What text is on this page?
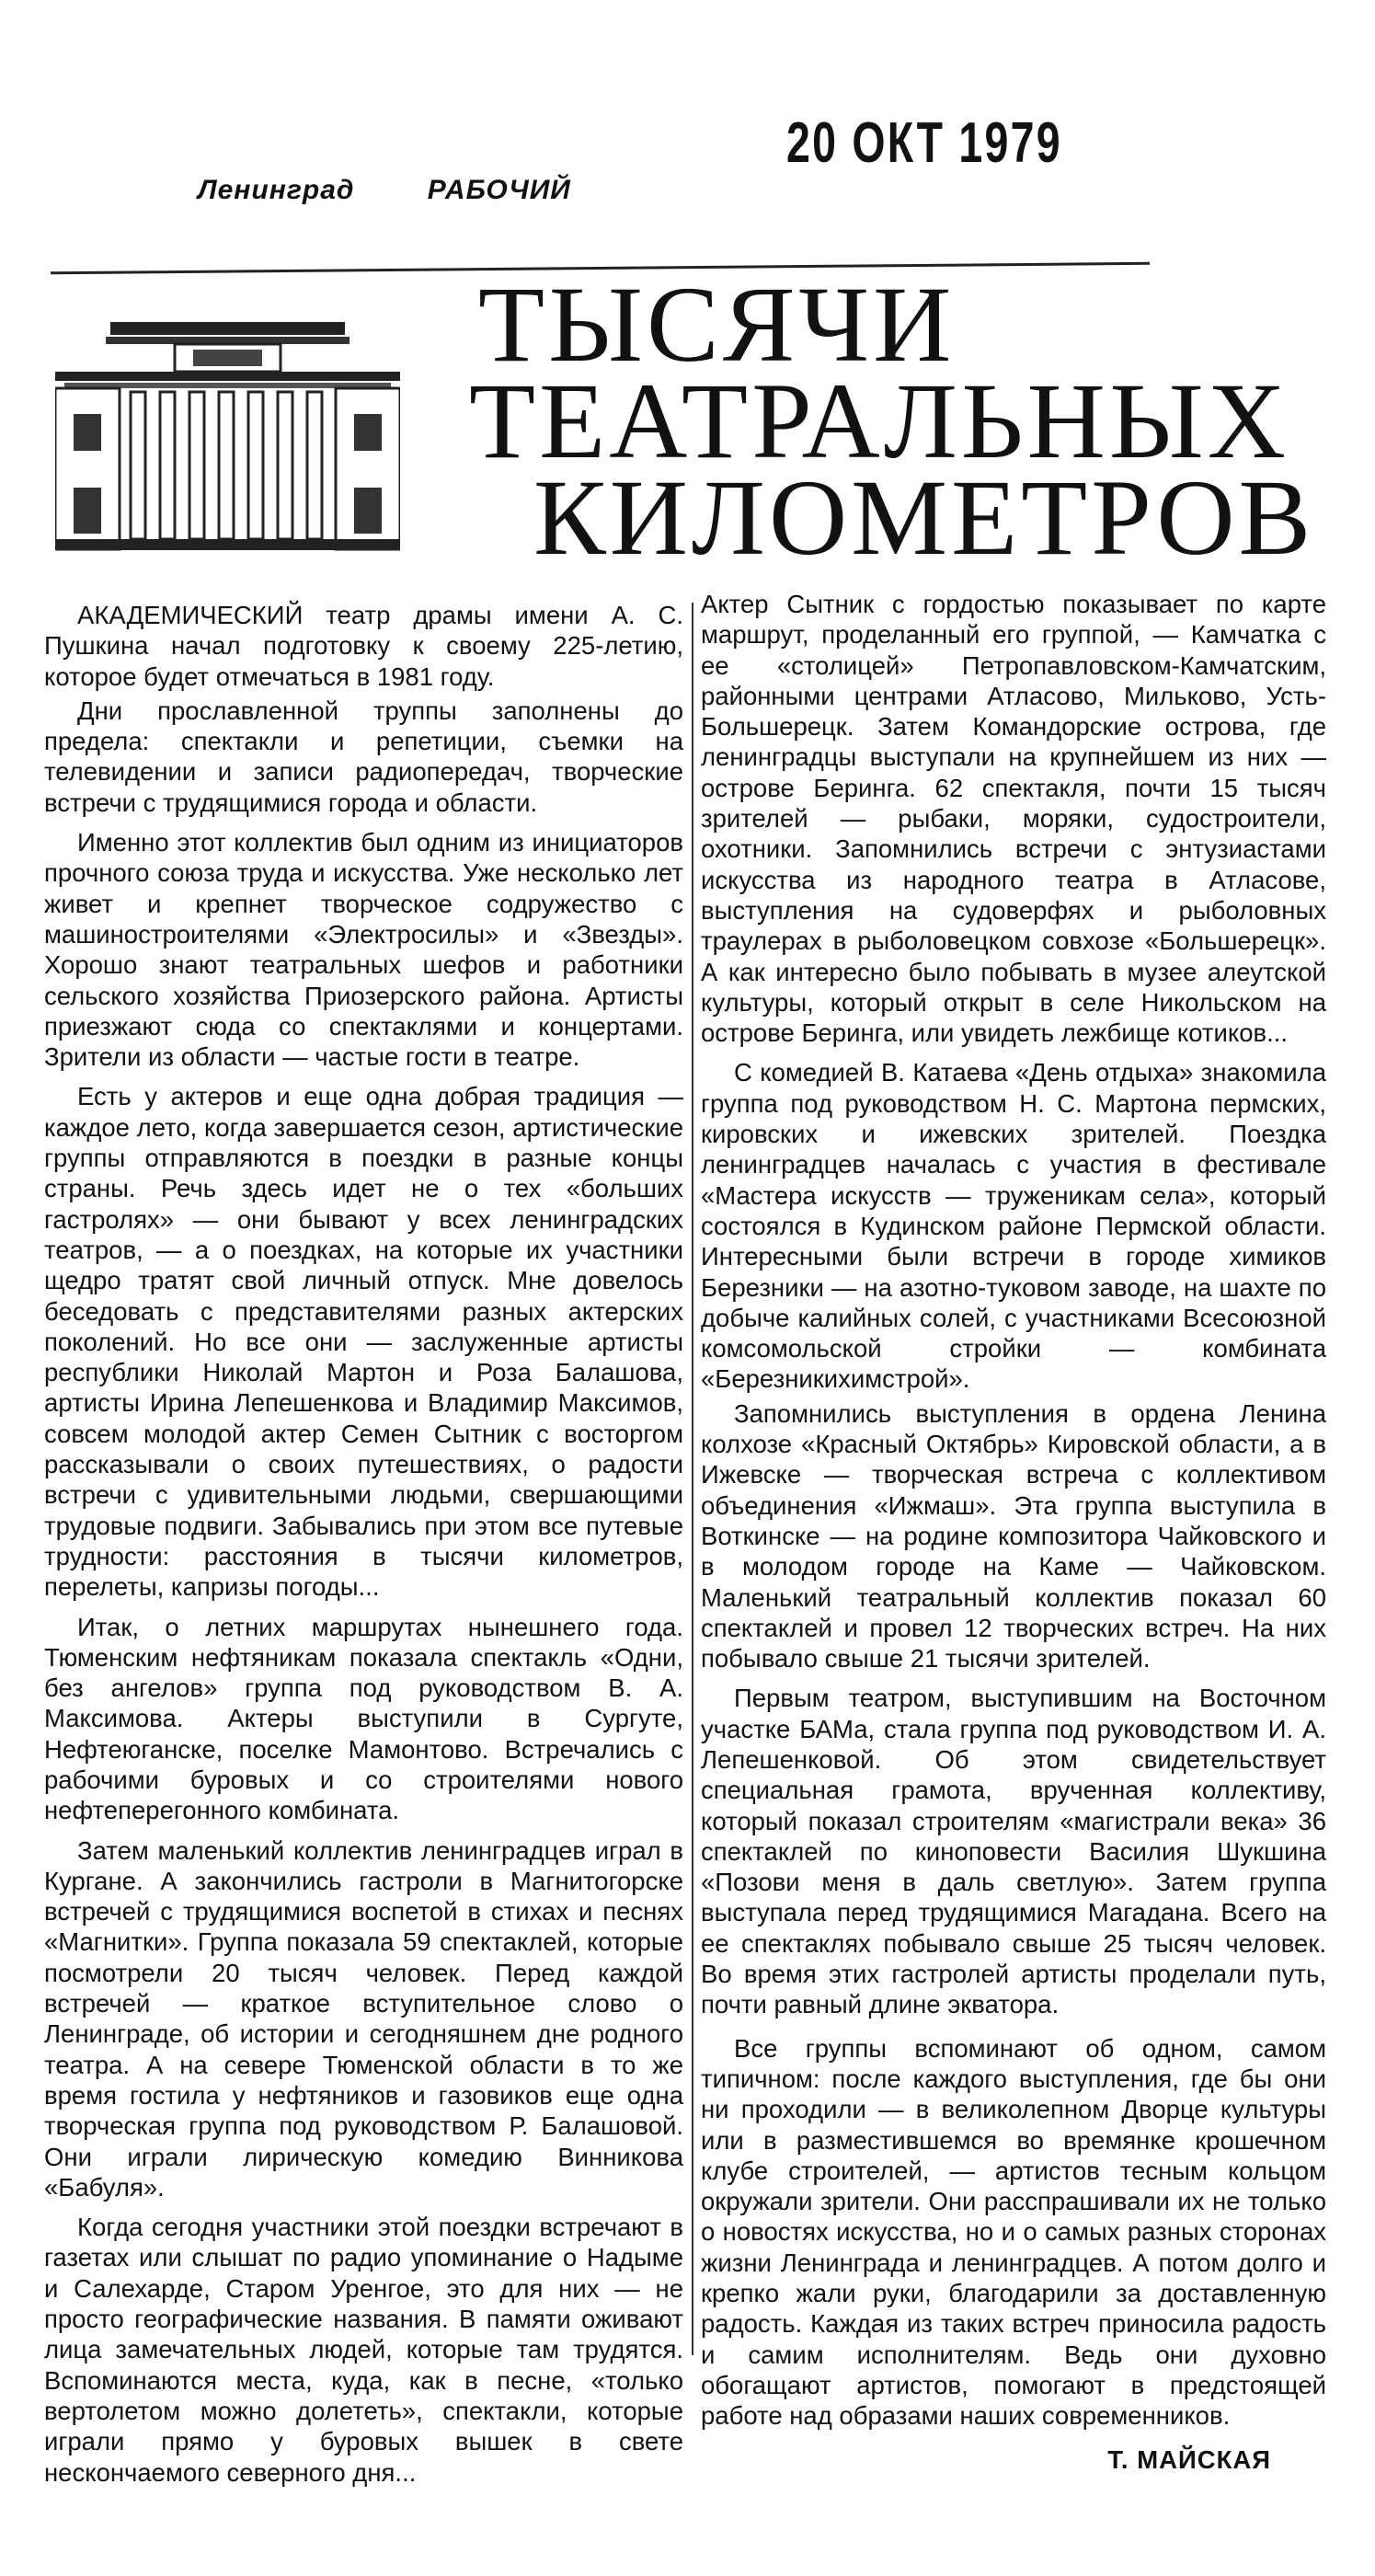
20 ОКТ 1979
Ленинград	РАБОЧИЙ
ТЫСЯЧИ
ТЕАТРАЛЬНЫХ
КИЛОМЕТРОВ

АКАДЕМИЧЕСКИЙ театр драмы имени А. С. Пушкина начал подготовку к своему 225-летию, которое будет отмечаться в 1981 году.

Дни прославленной труппы заполнены до предела: спектакли и репетиции, съемки на телевидении и записи радиопередач, творческие встречи с трудящимися города и области.

Именно этот коллектив был одним из инициаторов прочного союза труда и искусства. Уже несколько лет живет и крепнет творческое содружество с машиностроителями «Электросилы» и «Звезды». Хорошо знают театральных шефов и работники сельского хозяйства Приозерского района. Артисты приезжают сюда со спектаклями и концертами. Зрители из области — частые гости в театре.

Есть у актеров и еще одна добрая традиция — каждое лето, когда завершается сезон, артистические группы отправляются в поездки в разные концы страны. Речь здесь идет не о тех «больших гастролях» — они бывают у всех ленинградских театров, — а о поездках, на которые их участники щедро тратят свой личный отпуск. Мне довелось беседовать с представителями разных актерских поколений. Но все они — заслуженные артисты республики Николай Мартон и Роза Балашова, артисты Ирина Лепешенкова и Владимир Максимов, совсем молодой актер Семен Сытник с восторгом рассказывали о своих путешествиях, о радости встречи с удивительными людьми, свершающими трудовые подвиги. Забывались при этом все путевые трудности: расстояния в тысячи километров, перелеты, капризы погоды...

Итак, о летних маршрутах нынешнего года. Тюменским нефтяникам показала спектакль «Одни, без ангелов» группа под руководством В. А. Максимова. Актеры выступили в Сургуте, Нефтеюганске, поселке Мамонтово. Встречались с рабочими буровых и со строителями нового нефтеперегонного комбината.

Затем маленький коллектив ленинградцев играл в Кургане. А закончились гастроли в Магнитогорске встречей с трудящимися воспетой в стихах и песнях «Магнитки». Группа показала 59 спектаклей, которые посмотрели 20 тысяч человек. Перед каждой встречей — краткое вступительное слово о Ленинграде, об истории и сегодняшнем дне родного театра. А на севере Тюменской области в то же время гостила у нефтяников и газовиков еще одна творческая группа под руководством Р. Балашовой. Они играли лирическую комедию Винникова «Бабуля».

Когда сегодня участники этой поездки встречают в газетах или слышат по радио упоминание о Надыме и Салехарде, Старом Уренгое, это для них — не просто географические названия. В памяти оживают лица замечательных людей, которые там трудятся. Вспоминаются места, куда, как в песне, «только вертолетом можно долететь», спектакли, которые играли прямо у буровых вышек в свете нескончаемого северного дня...

Актер Сытник с гордостью показывает по карте маршрут, проделанный его группой, — Камчатка с ее «столицей» Петропавловском-Камчатским, районными центрами Атласово, Мильково, Усть-Большерецк. Затем Командорские острова, где ленинградцы выступали на крупнейшем из них — острове Беринга. 62 спектакля, почти 15 тысяч зрителей — рыбаки, моряки, судостроители, охотники. Запомнились встречи с энтузиастами искусства из народного театра в Атласове, выступления на судоверфях и рыболовных траулерах в рыболовецком совхозе «Большерецк». А как интересно было побывать в музее алеутской культуры, который открыт в селе Никольском на острове Беринга, или увидеть лежбище котиков...

С комедией В. Катаева «День отдыха» знакомила группа под руководством Н. С. Мартона пермских, кировских и ижевских зрителей. Поездка ленинградцев началась с участия в фестивале «Мастера искусств — труженикам села», который состоялся в Кудинском районе Пермской области. Интересными были встречи в городе химиков Березники — на азотно-туковом заводе, на шахте по добыче калийных солей, с участниками Всесоюзной комсомольской стройки — комбината «Березникихимстрой».

Запомнились выступления в ордена Ленина колхозе «Красный Октябрь» Кировской области, а в Ижевске — творческая встреча с коллективом объединения «Ижмаш». Эта группа выступила в Воткинске — на родине композитора Чайковского и в молодом городе на Каме — Чайковском. Маленький театральный коллектив показал 60 спектаклей и провел 12 творческих встреч. На них побывало свыше 21 тысячи зрителей.

Первым театром, выступившим на Восточном участке БАМа, стала группа под руководством И. А. Лепешенковой. Об этом свидетельствует специальная грамота, врученная коллективу, который показал строителям «магистрали века» 36 спектаклей по киноповести Василия Шукшина «Позови меня в даль светлую». Затем группа выступала перед трудящимися Магадана. Всего на ее спектаклях побывало свыше 25 тысяч человек. Во время этих гастролей артисты проделали путь, почти равный длине экватора.

Все группы вспоминают об одном, самом типичном: после каждого выступления, где бы они ни проходили — в великолепном Дворце культуры или в разместившемся во времянке крошечном клубе строителей, — артистов тесным кольцом окружали зрители. Они расспрашивали их не только о новостях искусства, но и о самых разных сторонах жизни Ленинграда и ленинградцев. А потом долго и крепко жали руки, благодарили за доставленную радость. Каждая из таких встреч приносила радость и самим исполнителям. Ведь они духовно обогащают артистов, помогают в предстоящей работе над образами наших современников.

Т. МАЙСКАЯ
